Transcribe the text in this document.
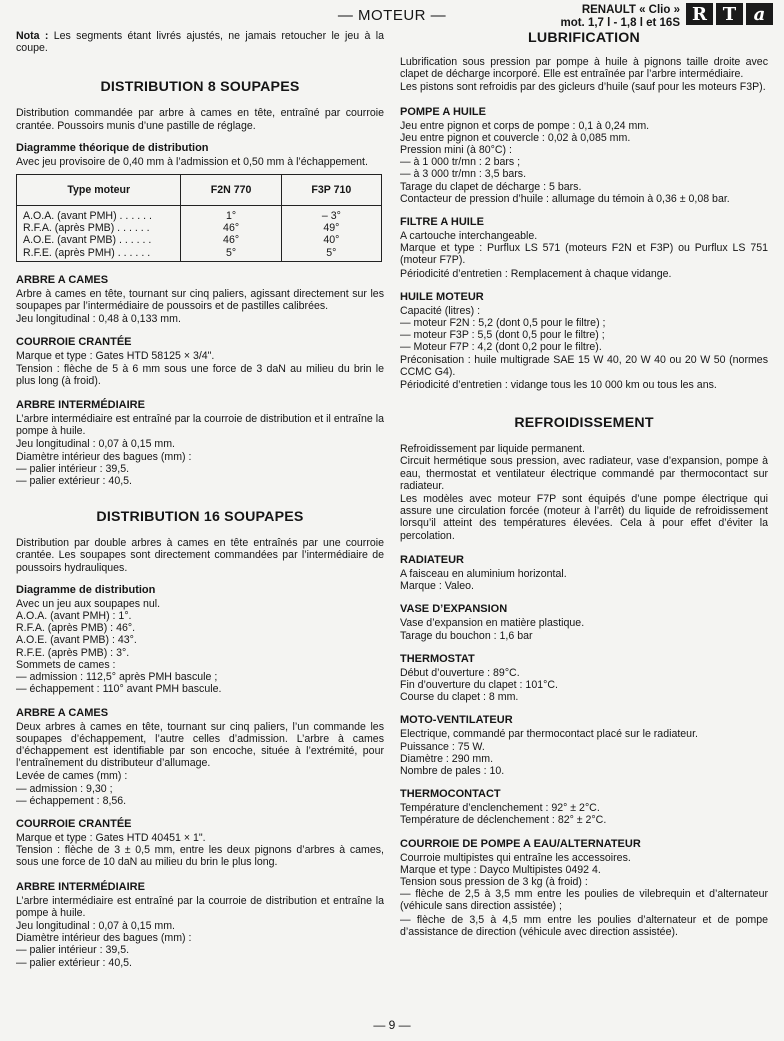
— MOTEUR —	RENAULT « Clio »
mot. 1,7 l - 1,8 l et 16S R T a

Nota : Les segments étant livrés ajustés, ne jamais retoucher le jeu à la coupe.

DISTRIBUTION 8 SOUPAPES

Distribution commandée par arbre à cames en tête, entraîné par courroie crantée. Poussoirs munis d’une pastille de réglage.

Diagramme théorique de distribution

Avec jeu provisoire de 0,40 mm à l’admission et 0,50 mm à l’échappement.

Type moteur	F2N 770	F3P 710
A.O.A. (avant PMH) . . . . . .	1°	– 3°
R.F.A. (après PMB) . . . . . .	46°	49°
A.O.E. (avant PMB) . . . . . .	46°	40°
R.F.E. (après PMH) . . . . . .	5°	5°
ARBRE A CAMES

Arbre à cames en tête, tournant sur cinq paliers, agissant directement sur les soupapes par l’intermédiaire de poussoirs et de pastilles calibrées.

Jeu longitudinal : 0,48 à 0,133 mm.

COURROIE CRANTÉE

Marque et type : Gates HTD 58125 × 3/4".

Tension : flèche de 5 à 6 mm sous une force de 3 daN au milieu du brin le plus long (à froid).

ARBRE INTERMÉDIAIRE

L’arbre intermédiaire est entraîné par la courroie de distribution et il entraîne la pompe à huile.

Jeu longitudinal : 0,07 à 0,15 mm.

Diamètre intérieur des bagues (mm) :

— palier intérieur : 39,5.

— palier extérieur : 40,5.

DISTRIBUTION 16 SOUPAPES

Distribution par double arbres à cames en tête entraînés par une courroie crantée. Les soupapes sont directement commandées par l’intermédiaire de poussoirs hydrauliques.

Diagramme de distribution

Avec un jeu aux soupapes nul.

A.O.A. (avant PMH) : 1°.

R.F.A. (après PMB) : 46°.

A.O.E. (avant PMB) : 43°.

R.F.E. (après PMB) : 3°.

Sommets de cames :

— admission : 112,5° après PMH bascule ;

— échappement : 110° avant PMH bascule.

ARBRE A CAMES

Deux arbres à cames en tête, tournant sur cinq paliers, l’un commande les soupapes d’échappement, l’autre celles d’admission. L’arbre à cames d’échappement est identifiable par son encoche, située à l’extrémité, pour l’entraînement du distributeur d’allumage.

Levée de cames (mm) :

— admission : 9,30 ;

— échappement : 8,56.

COURROIE CRANTÉE

Marque et type : Gates HTD 40451 × 1".

Tension : flèche de 3 ± 0,5 mm, entre les deux pignons d’arbres à cames, sous une force de 10 daN au milieu du brin le plus long.

ARBRE INTERMÉDIAIRE

L’arbre intermédiaire est entraîné par la courroie de distribution et entraîne la pompe à huile.

Jeu longitudinal : 0,07 à 0,15 mm.

Diamètre intérieur des bagues (mm) :

— palier intérieur : 39,5.

— palier extérieur : 40,5.

LUBRIFICATION

Lubrification sous pression par pompe à huile à pignons taille droite avec clapet de décharge incorporé. Elle est entraînée par l’arbre intermédiaire.

Les pistons sont refroidis par des gicleurs d’huile (sauf pour les moteurs F3P).

POMPE A HUILE

Jeu entre pignon et corps de pompe : 0,1 à 0,24 mm.

Jeu entre pignon et couvercle : 0,02 à 0,085 mm.

Pression mini (à 80°C) :

— à 1 000 tr/mn : 2 bars ;

— à 3 000 tr/mn : 3,5 bars.

Tarage du clapet de décharge : 5 bars.

Contacteur de pression d’huile : allumage du témoin à 0,36 ± 0,08 bar.

FILTRE A HUILE

A cartouche interchangeable.

Marque et type : Purflux LS 571 (moteurs F2N et F3P) ou Purflux LS 751 (moteur F7P).

Périodicité d’entretien : Remplacement à chaque vidange.

HUILE MOTEUR

Capacité (litres) :

— moteur F2N : 5,2 (dont 0,5 pour le filtre) ;

— moteur F3P : 5,5 (dont 0,5 pour le filtre) ;

— Moteur F7P : 4,2 (dont 0,2 pour le filtre).

Préconisation : huile multigrade SAE 15 W 40, 20 W 40 ou 20 W 50 (normes CCMC G4).

Périodicité d’entretien : vidange tous les 10 000 km ou tous les ans.

REFROIDISSEMENT

Refroidissement par liquide permanent.

Circuit hermétique sous pression, avec radiateur, vase d’expansion, pompe à eau, thermostat et ventilateur électrique commandé par thermocontact sur radiateur.

Les modèles avec moteur F7P sont équipés d’une pompe électrique qui assure une circulation forcée (moteur à l’arrêt) du liquide de refroidissement lorsqu’il atteint des températures élevées. Cela à pour effet d’éviter la percolation.

RADIATEUR

A faisceau en aluminium horizontal.

Marque : Valeo.

VASE D’EXPANSION

Vase d’expansion en matière plastique.

Tarage du bouchon : 1,6 bar

THERMOSTAT

Début d’ouverture : 89°C.

Fin d’ouverture du clapet : 101°C.

Course du clapet : 8 mm.

MOTO-VENTILATEUR

Electrique, commandé par thermocontact placé sur le radiateur.

Puissance : 75 W.

Diamètre : 290 mm.

Nombre de pales : 10.

THERMOCONTACT

Température d’enclenchement : 92° ± 2°C.

Température de déclenchement : 82° ± 2°C.

COURROIE DE POMPE A EAU/ALTERNATEUR

Courroie multipistes qui entraîne les accessoires.

Marque et type : Dayco Multipistes 0492 4.

Tension sous pression de 3 kg (à froid) :

— flèche de 2,5 à 3,5 mm entre les poulies de vilebrequin et d’alternateur (véhicule sans direction assistée) ;

— flèche de 3,5 à 4,5 mm entre les poulies d’alternateur et de pompe d’assistance de direction (véhicule avec direction assistée).

— 9 —
